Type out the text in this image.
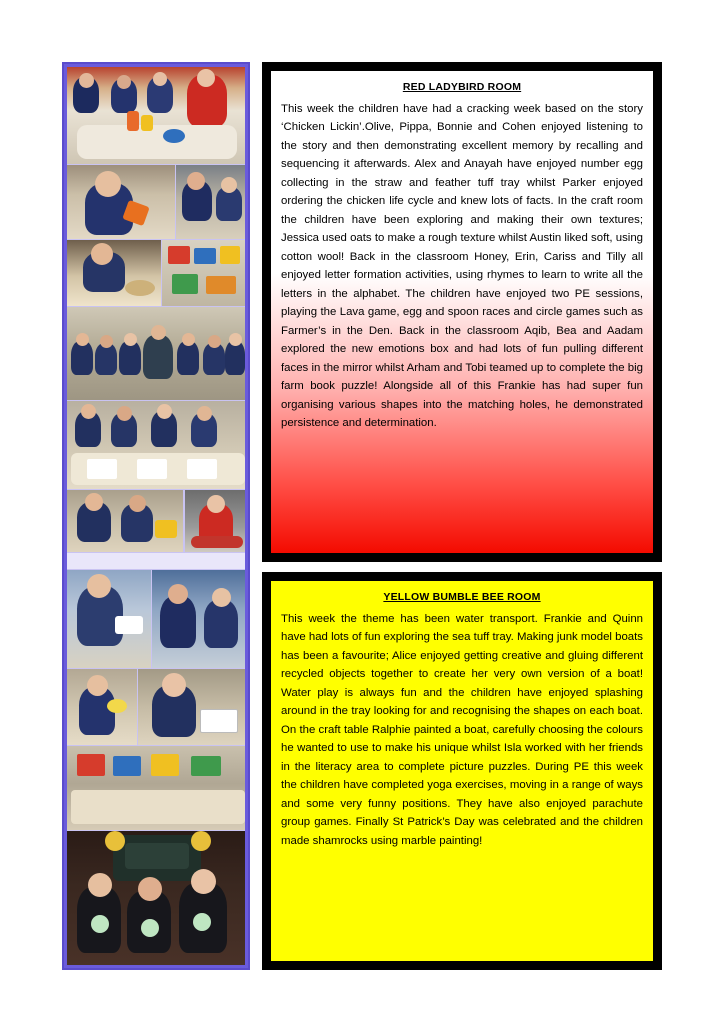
RED LADYBIRD ROOM
This week the children have had a cracking week based on the story ‘Chicken Lickin’.Olive, Pippa, Bonnie and Cohen enjoyed listening to the story and then demonstrating excellent memory by recalling and sequencing it afterwards. Alex and Anayah have enjoyed number egg collecting in the straw and feather tuff tray whilst Parker enjoyed ordering the chicken life cycle and knew lots of facts. In the craft room the children have been exploring and making their own textures; Jessica used oats to make a rough texture whilst Austin liked soft, using cotton wool! Back in the classroom Honey, Erin, Cariss and Tilly all enjoyed letter formation activities, using rhymes to learn to write all the letters in the alphabet. The children have enjoyed two PE sessions, playing the Lava game, egg and spoon races and circle games such as Farmer’s in the Den. Back in the classroom Aqib, Bea and Aadam explored the new emotions box and had lots of fun pulling different faces in the mirror whilst Arham and Tobi teamed up to complete the big farm book puzzle! Alongside all of this Frankie has had super fun organising various shapes into the matching holes, he demonstrated persistence and determination.
YELLOW BUMBLE BEE ROOM
This week the theme has been water transport. Frankie and Quinn have had lots of fun exploring the sea tuff tray. Making junk model boats has been a favourite; Alice enjoyed getting creative and gluing different recycled objects together to create her very own version of a boat! Water play is always fun and the children have enjoyed splashing around in the tray looking for and recognising the shapes on each boat. On the craft table Ralphie painted a boat, carefully choosing the colours he wanted to use to make his unique whilst Isla worked with her friends in the literacy area to complete picture puzzles. During PE this week the children have completed yoga exercises, moving in a range of ways and some very funny positions. They have also enjoyed parachute group games. Finally St Patrick’s Day was celebrated and the children made shamrocks using marble painting!
